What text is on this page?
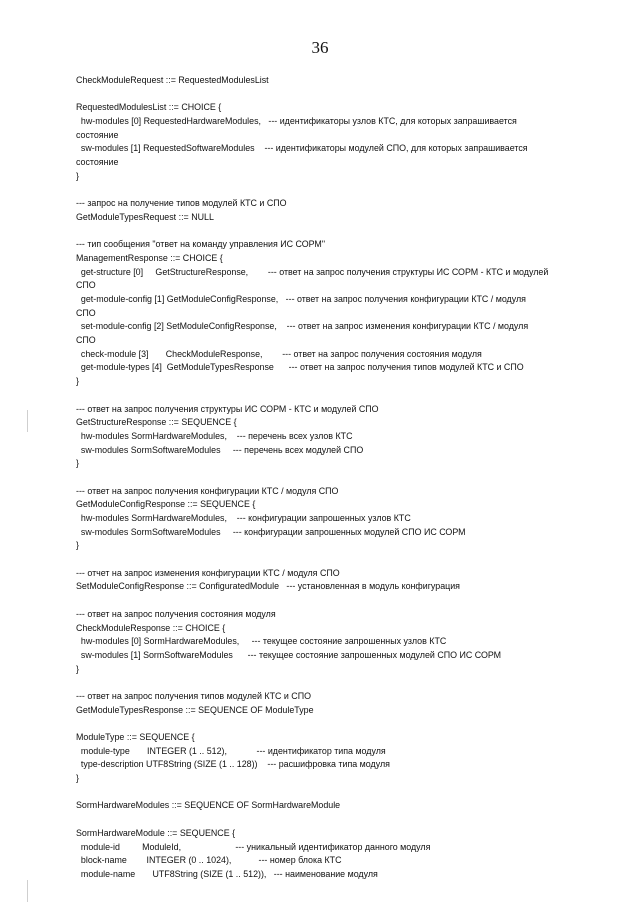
36
CheckModuleRequest ::= RequestedModulesList
RequestedModulesList ::= CHOICE {
hw-modules [0] RequestedHardwareModules,   --- идентификаторы узлов КТС, для которых запрашивается
состояние
sw-modules [1] RequestedSoftwareModules    --- идентификаторы модулей СПО, для которых запрашивается
состояние
}
--- запрос на получение типов модулей КТС и СПО
GetModuleTypesRequest ::= NULL
--- тип сообщения "ответ на команду управления ИС СОРМ"
ManagementResponse ::= CHOICE {
get-structure [0]     GetStructureResponse,        --- ответ на запрос получения структуры ИС СОРМ - КТС и модулей
СПО
get-module-config [1] GetModuleConfigResponse,   --- ответ на запрос получения конфигурации КТС / модуля
СПО
set-module-config [2] SetModuleConfigResponse,    --- ответ на запрос изменения конфигурации КТС / модуля
СПО
check-module [3]       CheckModuleResponse,        --- ответ на запрос получения состояния модуля
get-module-types [4]  GetModuleTypesResponse      --- ответ на запрос получения типов модулей КТС и СПО
}
--- ответ на запрос получения структуры ИС СОРМ - КТС и модулей СПО
GetStructureResponse ::= SEQUENCE {
hw-modules SormHardwareModules,    --- перечень всех узлов КТС
sw-modules SormSoftwareModules     --- перечень всех модулей СПО
}
--- ответ на запрос получения конфигурации КТС / модуля СПО
GetModuleConfigResponse ::= SEQUENCE {
hw-modules SormHardwareModules,    --- конфигурации запрошенных узлов КТС
sw-modules SormSoftwareModules     --- конфигурации запрошенных модулей СПО ИС СОРМ
}
--- отчет на запрос изменения конфигурации КТС / модуля СПО
SetModuleConfigResponse ::= ConfiguratedModule   --- установленная в модуль конфигурация
--- ответ на запрос получения состояния модуля
CheckModuleResponse ::= CHOICE {
hw-modules [0] SormHardwareModules,     --- текущее состояние запрошенных узлов КТС
sw-modules [1] SormSoftwareModules      --- текущее состояние запрошенных модулей СПО ИС СОРМ
}
--- ответ на запрос получения типов модулей КТС и СПО
GetModuleTypesResponse ::= SEQUENCE OF ModuleType
ModuleType ::= SEQUENCE {
module-type       INTEGER (1 .. 512),            --- идентификатор типа модуля
type-description UTF8String (SIZE (1 .. 128))    --- расшифровка типа модуля
}
SormHardwareModules ::= SEQUENCE OF SormHardwareModule
SormHardwareModule ::= SEQUENCE {
module-id         ModuleId,                      --- уникальный идентификатор данного модуля
block-name        INTEGER (0 .. 1024),           --- номер блока КТС
module-name       UTF8String (SIZE (1 .. 512)),   --- наименование модуля
